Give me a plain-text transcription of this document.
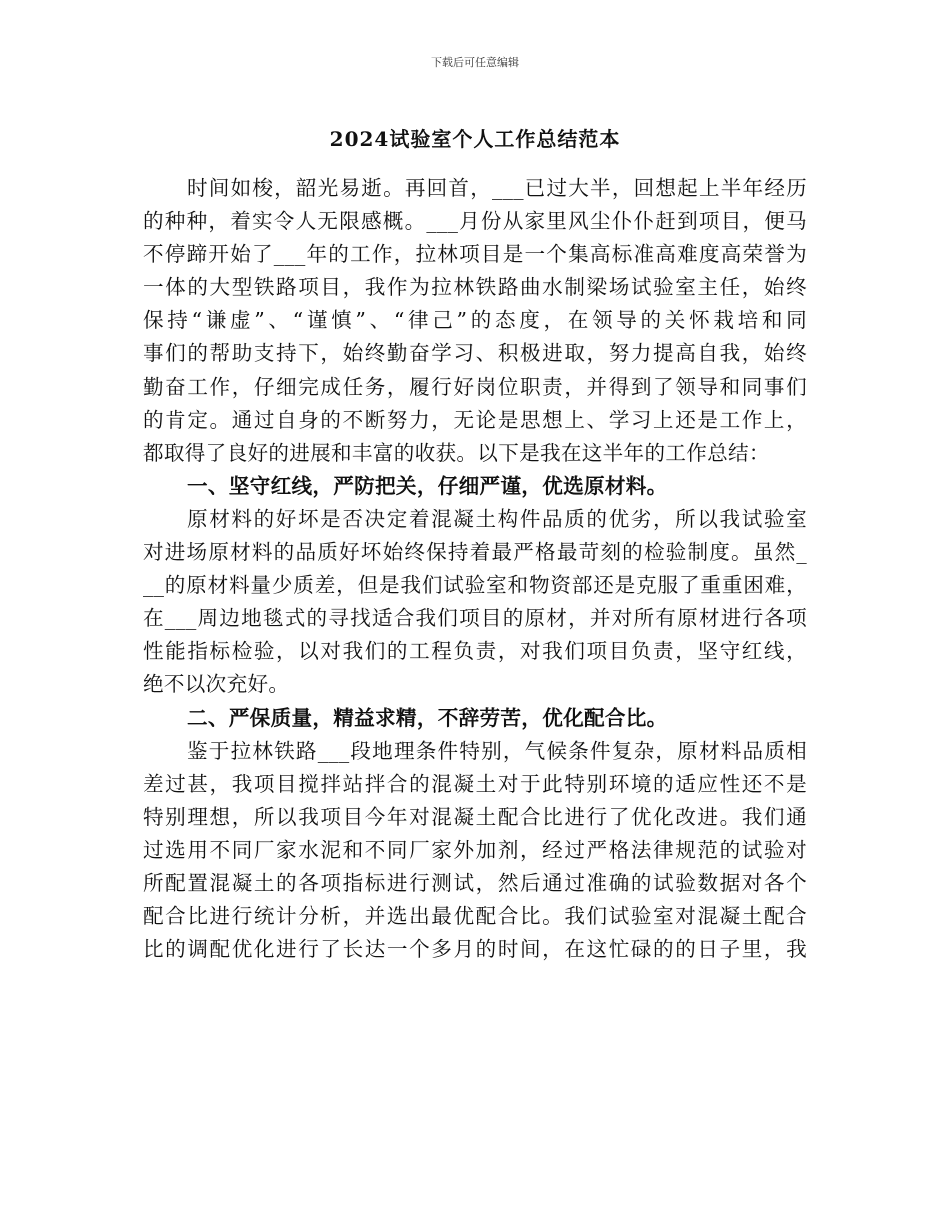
下载后可任意编辑
2024试验室个人工作总结范本
时间如梭，韶光易逝。再回首，___已过大半，回想起上半年经历
的种种，着实令人无限感概。___月份从家里风尘仆仆赶到项目，便马
不停蹄开始了___年的工作，拉林项目是一个集高标准高难度高荣誉为
一体的大型铁路项目，我作为拉林铁路曲水制梁场试验室主任，始终
保持“谦虚”、“谨慎”、“律己”的态度，在领导的关怀栽培和同
事们的帮助支持下，始终勤奋学习、积极进取，努力提高自我，始终
勤奋工作，仔细完成任务，履行好岗位职责，并得到了领导和同事们
的肯定。通过自身的不断努力，无论是思想上、学习上还是工作上，
都取得了良好的进展和丰富的收获。以下是我在这半年的工作总结：
一、坚守红线，严防把关，仔细严谨，优选原材料。
原材料的好坏是否决定着混凝土构件品质的优劣，所以我试验室
对进场原材料的品质好坏始终保持着最严格最苛刻的检验制度。虽然_
__的原材料量少质差，但是我们试验室和物资部还是克服了重重困难，
在___周边地毯式的寻找适合我们项目的原材，并对所有原材进行各项
性能指标检验，以对我们的工程负责，对我们项目负责，坚守红线，
绝不以次充好。
二、严保质量，精益求精，不辞劳苦，优化配合比。
鉴于拉林铁路___段地理条件特别，气候条件复杂，原材料品质相
差过甚，我项目搅拌站拌合的混凝土对于此特别环境的适应性还不是
特别理想，所以我项目今年对混凝土配合比进行了优化改进。我们通
过选用不同厂家水泥和不同厂家外加剂，经过严格法律规范的试验对
所配置混凝土的各项指标进行测试，然后通过准确的试验数据对各个
配合比进行统计分析，并选出最优配合比。我们试验室对混凝土配合
比的调配优化进行了长达一个多月的时间，在这忙碌的的日子里，我
